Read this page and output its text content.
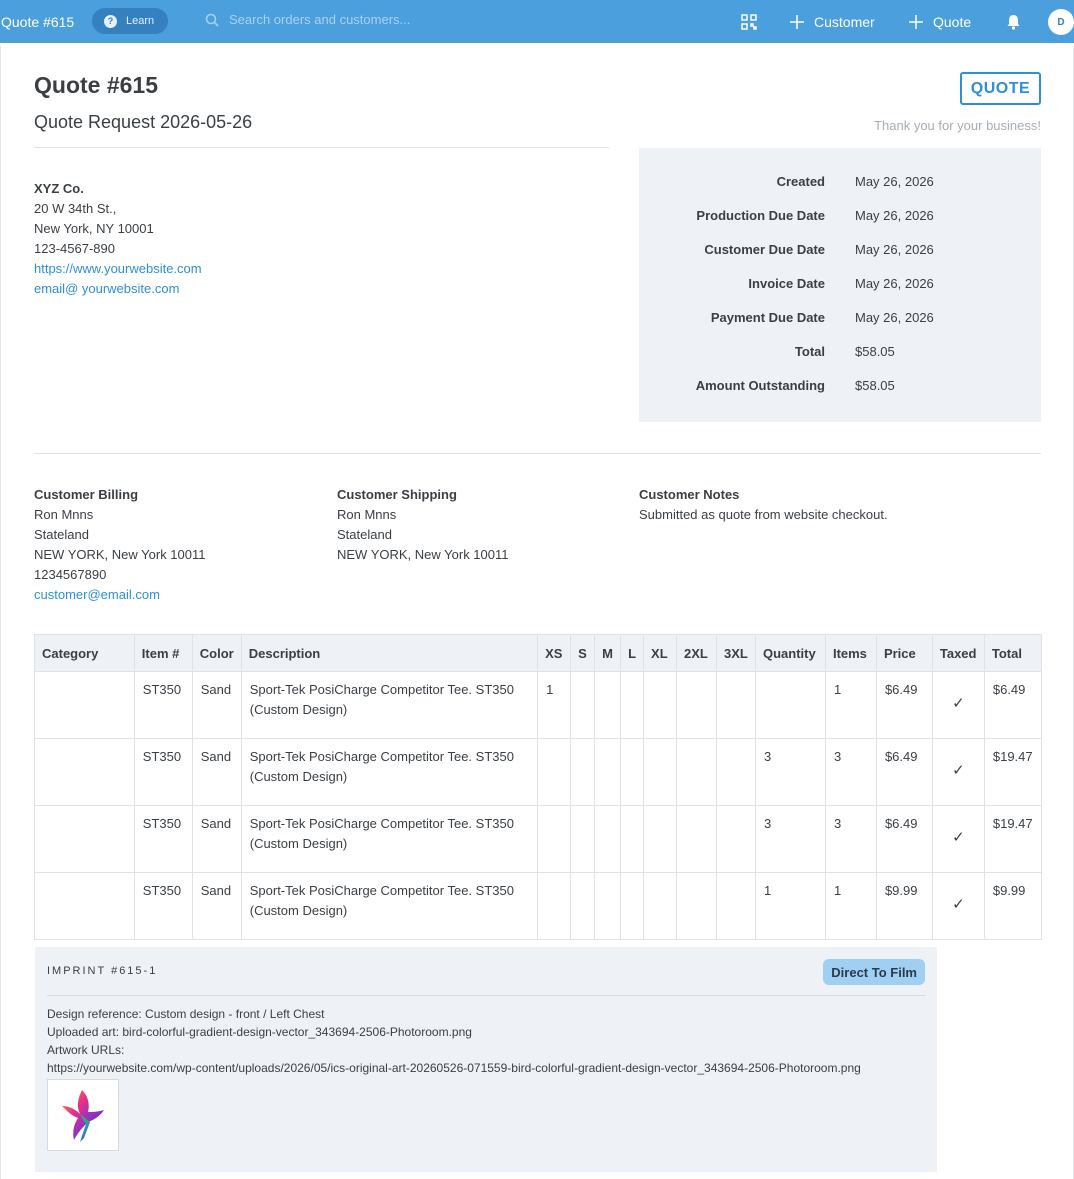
Quote #615	?	Learn	Search orders and customers...	Customer	Quote	D
Quote #615
Quote Request 2026-05-26
QUOTE
Thank you for your business!
XYZ Co.
20 W 34th St.,
New York, NY 10001
123-4567-890
https://www.yourwebsite.com
email@ yourwebsite.com
Created May 26, 2026
Production Due Date May 26, 2026
Customer Due Date May 26, 2026
Invoice Date May 26, 2026
Payment Due Date May 26, 2026
Total $58.05
Amount Outstanding $58.05
Customer Billing
Ron Mnns
Stateland
NEW YORK, New York 10011
1234567890
customer@email.com
Customer Shipping
Ron Mnns
Stateland
NEW YORK, New York 10011
Customer Notes
Submitted as quote from website checkout.
Category	Item #	Color	Description	XS	S	M	L	XL	2XL	3XL	Quantity	Items	Price	Taxed	Total
	ST350	Sand	Sport-Tek PosiCharge Competitor Tee. ST350
(Custom Design)	1								1	$6.49	✓	$6.49
	ST350	Sand	Sport-Tek PosiCharge Competitor Tee. ST350
(Custom Design)								3	3	$6.49	✓	$19.47
	ST350	Sand	Sport-Tek PosiCharge Competitor Tee. ST350
(Custom Design)								3	3	$6.49	✓	$19.47
	ST350	Sand	Sport-Tek PosiCharge Competitor Tee. ST350
(Custom Design)								1	1	$9.99	✓	$9.99
IMPRINT #615-1	Direct To Film
Design reference: Custom design - front / Left Chest
Uploaded art: bird-colorful-gradient-design-vector_343694-2506-Photoroom.png
Artwork URLs:
https://yourwebsite.com/wp-content/uploads/2026/05/ics-original-art-20260526-071559-bird-colorful-gradient-design-vector_343694-2506-Photoroom.png
